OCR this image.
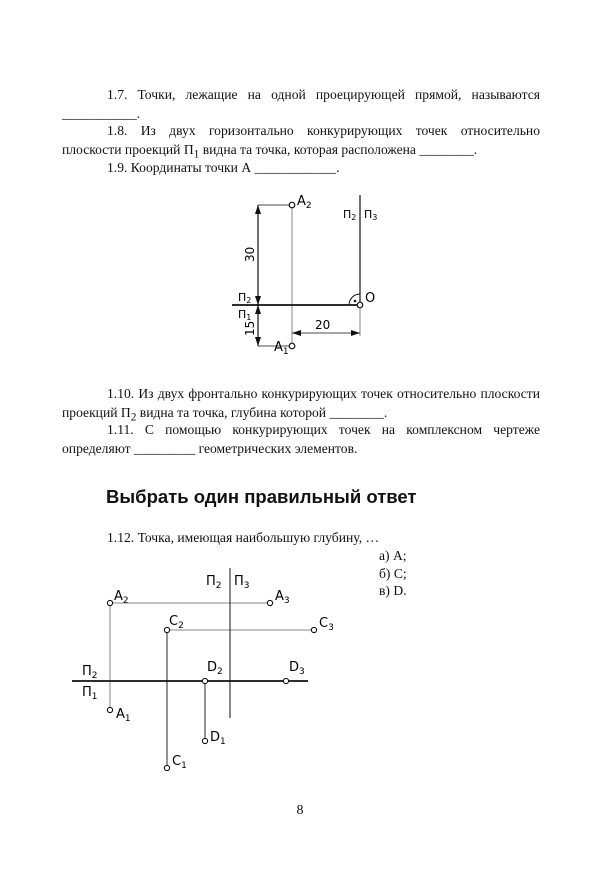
1.7. Точки, лежащие на одной проецирующей прямой, называются ___________.
1.8. Из двух горизонтально конкурирующих точек относительно плоскости проекций $П_1$ видна та точка, которая расположена ________.
1.9. Координаты точки А ____________.
$A_2$
$A_1$
O
П2
П1
П2 П3
30
15	20
1.10. Из двух фронтально конкурирующих точек относительно плоскости проекций $П_2$ видна та точка, глубина которой ________.
1.11. С помощью конкурирующих точек на комплексном чертеже определяют _________ геометрических элементов.
Выбрать один правильный ответ
1.12. Точка, имеющая наибольшую глубину, …
а) A;
б) C;
в) D.
$A_2$	$A_3$
$A_1$
$C_2$	$C_3$
$C_1$
$D_2$	$D_3$
$D_1$
$П_2$
$П_1$
$П_2$ $П_3$
8
